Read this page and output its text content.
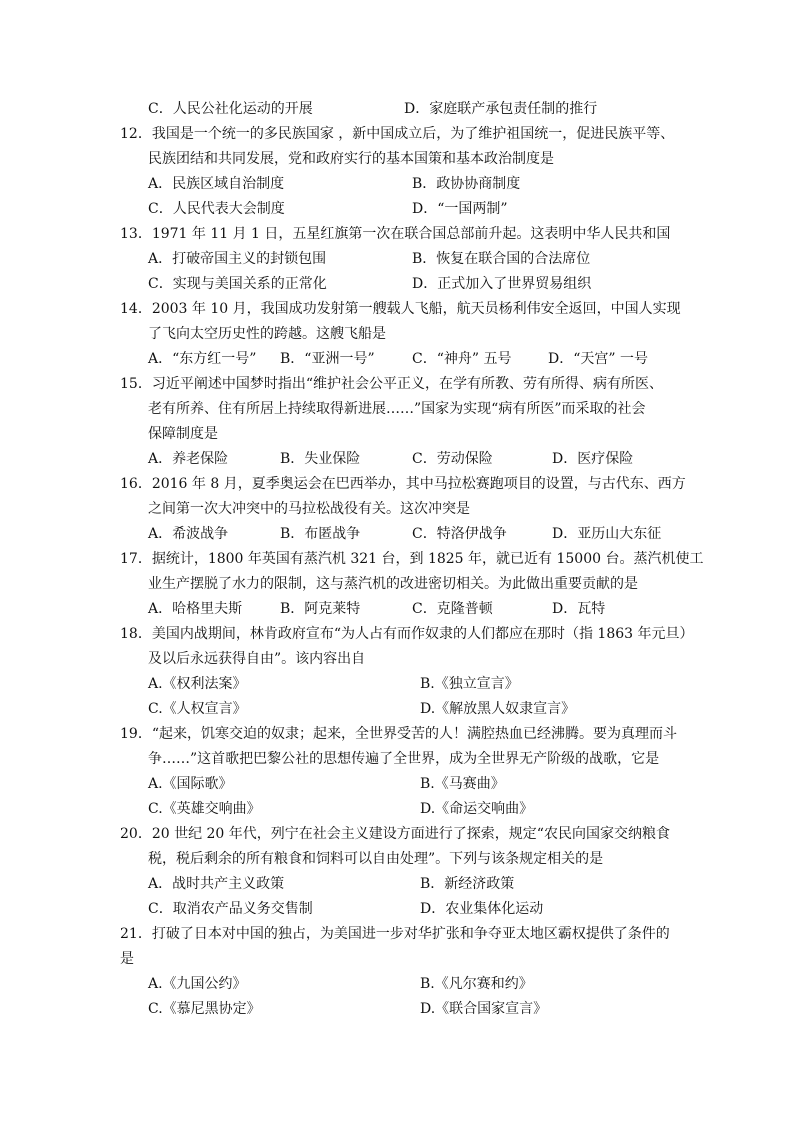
C．人民公社化运动的开展	D．家庭联产承包责任制的推行
12．我国是一个统一的多民族国家 ，新中国成立后，为了维护祖国统一，促进民族平等、
民族团结和共同发展，党和政府实行的基本国策和基本政治制度是
A．民族区域自治制度	B．政协协商制度
C．人民代表大会制度	D．“一国两制”
13．1971 年 11 月 1 日，五星红旗第一次在联合国总部前升起。这表明中华人民共和国
A．打破帝国主义的封锁包围	B．恢复在联合国的合法席位
C．实现与美国关系的正常化	D．正式加入了世界贸易组织
14．2003 年 10 月，我国成功发射第一艘载人飞船，航天员杨利伟安全返回，中国人实现
了飞向太空历史性的跨越。这艘飞船是
A．“东方红一号” B．“亚洲一号”	C．“神舟” 五号	D．“天宫” 一号
15．习近平阐述中国梦时指出“维护社会公平正义，在学有所教、劳有所得、病有所医、
老有所养、住有所居上持续取得新进展……”国家为实现“病有所医”而采取的社会
保障制度是
A．养老保险	B．失业保险	C．劳动保险	D．医疗保险
16．2016 年 8 月，夏季奥运会在巴西举办，其中马拉松赛跑项目的设置，与古代东、西方
之间第一次大冲突中的马拉松战役有关。这次冲突是
A．希波战争	B．布匿战争	C．特洛伊战争	D．亚历山大东征
17．据统计，1800 年英国有蒸汽机 321 台，到 1825 年，就已近有 15000 台。蒸汽机使工
业生产摆脱了水力的限制，这与蒸汽机的改进密切相关。为此做出重要贡献的是
A．哈格里夫斯	B．阿克莱特	C．克隆普顿	D．瓦特
18．美国内战期间，林肯政府宣布“为人占有而作奴隶的人们都应在那时（指 1863 年元旦）
及以后永远获得自由”。该内容出自
A.《权利法案》	B.《独立宣言》
C.《人权宣言》	D.《解放黑人奴隶宣言》
19．“起来，饥寒交迫的奴隶；起来，全世界受苦的人！满腔热血已经沸腾。要为真理而斗
争……”这首歌把巴黎公社的思想传遍了全世界，成为全世界无产阶级的战歌，它是
A.《国际歌》	B.《马赛曲》
C.《英雄交响曲》	D.《命运交响曲》
20．20 世纪 20 年代，列宁在社会主义建设方面进行了探索，规定“农民向国家交纳粮食
税，税后剩余的所有粮食和饲料可以自由处理”。下列与该条规定相关的是
A．战时共产主义政策	B．新经济政策
C．取消农产品义务交售制	D．农业集体化运动
21．打破了日本对中国的独占，为美国进一步对华扩张和争夺亚太地区霸权提供了条件的
是
A.《九国公约》	B.《凡尔赛和约》
C.《慕尼黑协定》	D.《联合国家宣言》
